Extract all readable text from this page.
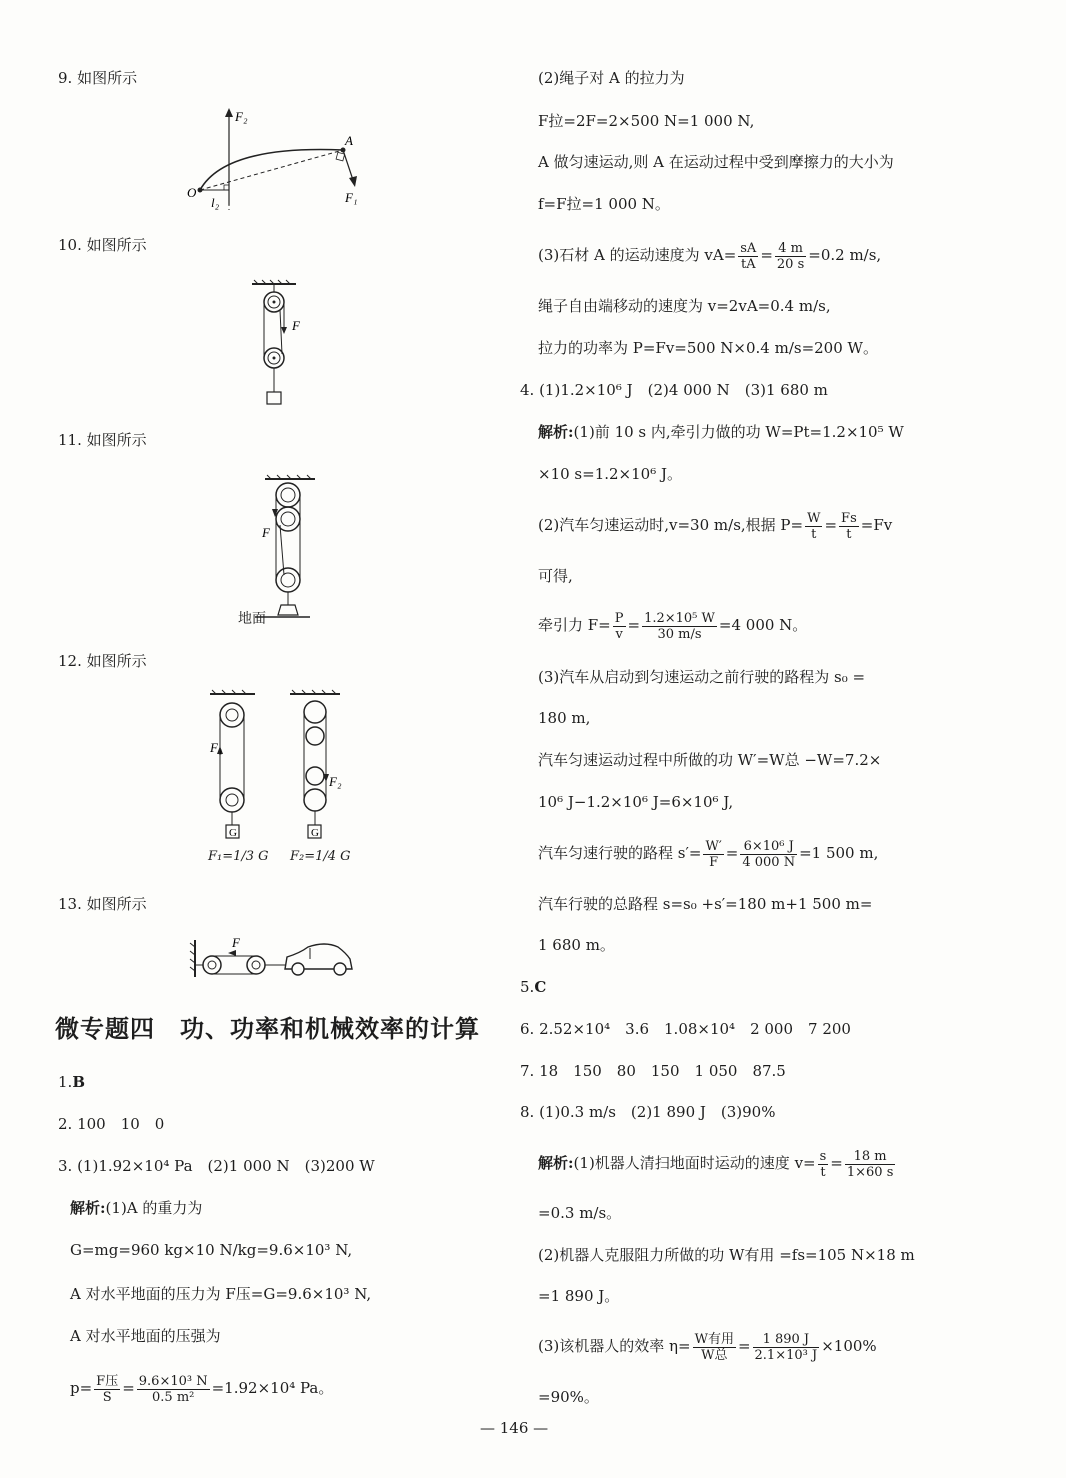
9. 如图所示
F₂
A
O
l₂	F₁
10. 如图所示
F
11. 如图所示
F
地面
12. 如图所示
F₁
G
F₂
G
F₁=1/3 G F₂=1/4 G
13. 如图所示
F
微专题四　功、功率和机械效率的计算
1.B
2. 100　10　0
3. (1)1.92×10⁴ Pa　(2)1 000 N　(3)200 W
解析:(1)A 的重力为
G=mg=960 kg×10 N/kg=9.6×10³ N,
A 对水平地面的压力为 F压=G=9.6×10³ N,
A 对水平地面的压强为
$p= \frac{\text{F压}}{S} = \frac{\text{9.6×10³ N}}{\text{0.5 m²}} =1.92\times 10^4$ Pa。
(2)绳子对 A 的拉力为
F拉=2F=2×500 N=1 000 N,
A 做匀速运动,则 A 在运动过程中受到摩擦力的大小为
f=F拉=1 000 N。
(3)石材 A 的运动速度为 $vA= \frac{sA}{tA} = \frac{4 m}{20 s} =0.2$ m/s,
绳子自由端移动的速度为 v=2vA=0.4 m/s,
拉力的功率为 P=Fv=500 N×0.4 m/s=200 W。
4. (1)1.2×10⁶ J　(2)4 000 N　(3)1 680 m
解析:(1)前 10 s 内,牵引力做的功 W=Pt=1.2×10⁵ W
×10 s=1.2×10⁶ J。
(2)汽车匀速运动时,v=30 m/s,根据 $P= \frac{W}{t} = \frac{Fs}{t} =Fv$
可得,
牵引力 $F= \frac{P}{v} = \frac{\text{1.2×10⁵ W}}{30 m/s} =4$ 000 N。
(3)汽车从启动到匀速运动之前行驶的路程为 s₀ =
180 m,
汽车匀速运动过程中所做的功 W′=W总 −W=7.2×
10⁶ J−1.2×10⁶ J=6×10⁶ J,
汽车匀速行驶的路程 $s'= \frac{W'}{F} = \frac{\text{6×10⁶ J}}{4 000 N} =1$ 500 m,
汽车行驶的总路程 s=s₀ +s′=180 m+1 500 m=
1 680 m。
5.C
6. 2.52×10⁴　3.6　1.08×10⁴　2 000　7 200
7. 18　150　80　150　1 050　87.5
8. (1)0.3 m/s　(2)1 890 J　(3)90%
解析:(1)机器人清扫地面时运动的速度 $v= \frac{s}{t} = \frac{18 m}{1\times 60 s}$
=0.3 m/s。
(2)机器人克服阻力所做的功 W有用 =fs=105 N×18 m
=1 890 J。
(3)该机器人的效率 $\eta= \frac{\text{W有用}}{\text{W总}} = \frac{1 890 J}{\text{2.1×10³ J}} \times 100\%$
=90%。
— 146 —
